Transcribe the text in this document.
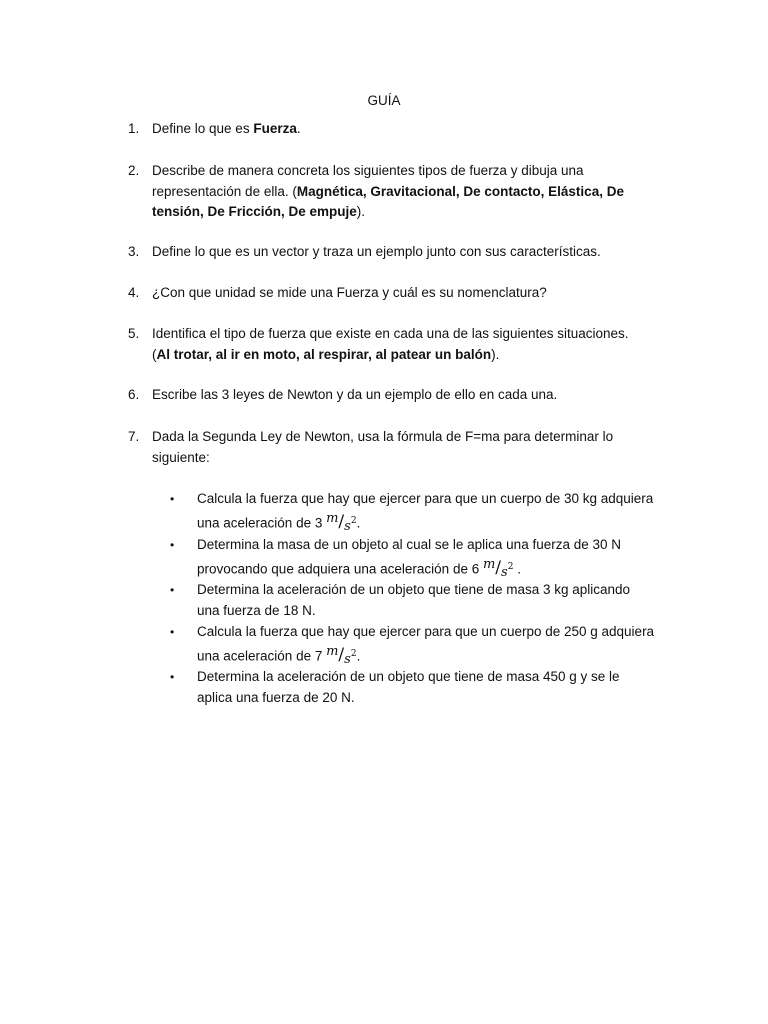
GUÍA
1. Define lo que es Fuerza.
2. Describe de manera concreta los siguientes tipos de fuerza y dibuja una
representación de ella. (Magnética, Gravitacional, De contacto, Elástica, De
tensión, De Fricción, De empuje).
3. Define lo que es un vector y traza un ejemplo junto con sus características.
4. ¿Con que unidad se mide una Fuerza y cuál es su nomenclatura?
5. Identifica el tipo de fuerza que existe en cada una de las siguientes situaciones.
(Al trotar, al ir en moto, al respirar, al patear un balón).
6. Escribe las 3 leyes de Newton y da un ejemplo de ello en cada una.
7. Dada la Segunda Ley de Newton, usa la fórmula de F=ma para determinar lo
siguiente:
• Calcula la fuerza que hay que ejercer para que un cuerpo de 30 kg adquiera
una aceleración de 3 $m/s^2$.
• Determina la masa de un objeto al cual se le aplica una fuerza de 30 N
provocando que adquiera una aceleración de 6 $m/s^2$ .
• Determina la aceleración de un objeto que tiene de masa 3 kg aplicando
una fuerza de 18 N.
• Calcula la fuerza que hay que ejercer para que un cuerpo de 250 g adquiera
una aceleración de 7 $m/s^2$.
• Determina la aceleración de un objeto que tiene de masa 450 g y se le
aplica una fuerza de 20 N.
